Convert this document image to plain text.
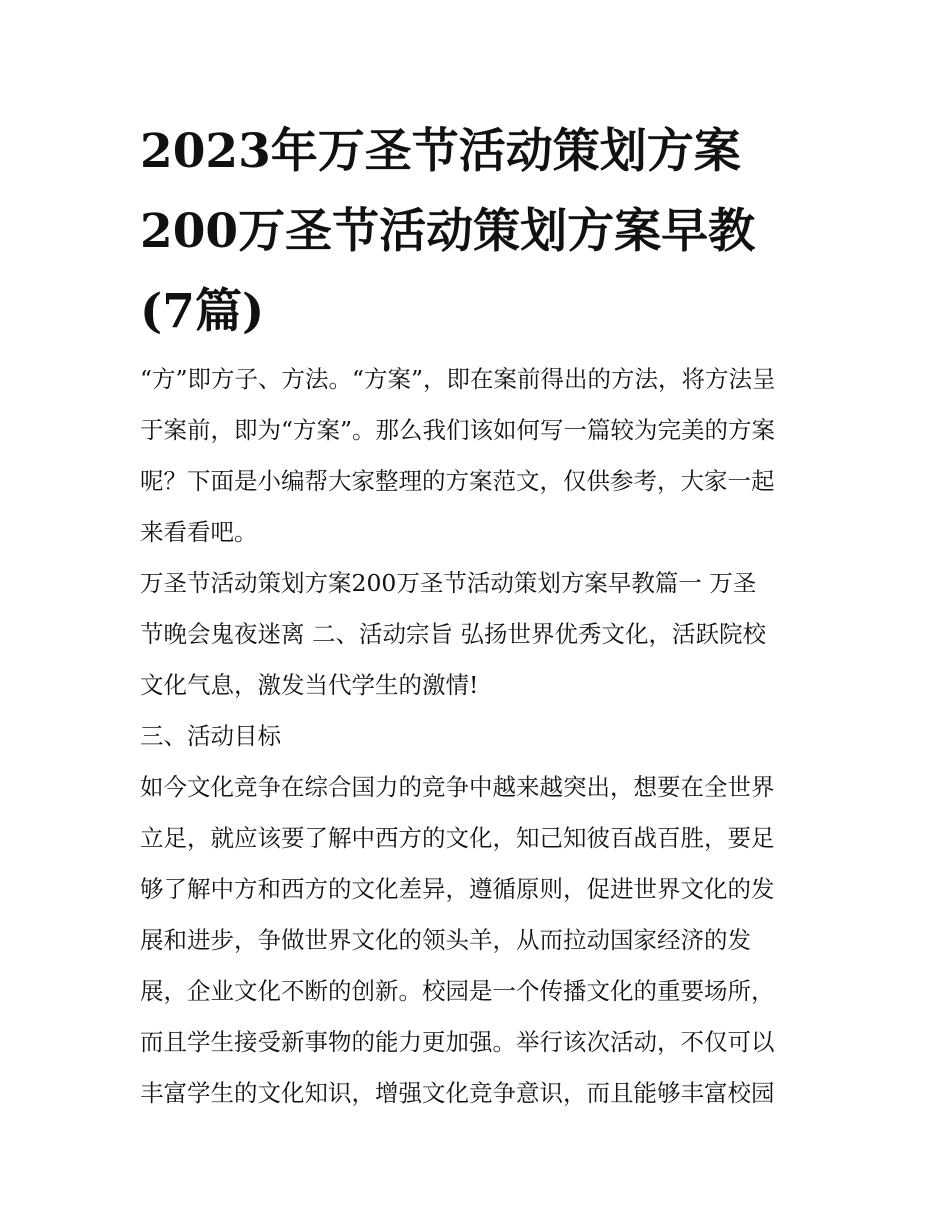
2023年万圣节活动策划方案
200万圣节活动策划方案早教
(7篇)

“方”即方子、方法。“方案”，即在案前得出的方法，将方法呈
于案前，即为“方案”。那么我们该如何写一篇较为完美的方案
呢？下面是小编帮大家整理的方案范文，仅供参考，大家一起
来看看吧。

万圣节活动策划方案200万圣节活动策划方案早教篇一 万圣
节晚会鬼夜迷离 二、活动宗旨 弘扬世界优秀文化，活跃院校
文化气息，激发当代学生的激情!

三、活动目标

如今文化竞争在综合国力的竞争中越来越突出，想要在全世界
立足，就应该要了解中西方的文化，知己知彼百战百胜，要足
够了解中方和西方的文化差异，遵循原则，促进世界文化的发
展和进步，争做世界文化的领头羊，从而拉动国家经济的发
展，企业文化不断的创新。校园是一个传播文化的重要场所，
而且学生接受新事物的能力更加强。举行该次活动，不仅可以
丰富学生的文化知识，增强文化竞争意识，而且能够丰富校园
